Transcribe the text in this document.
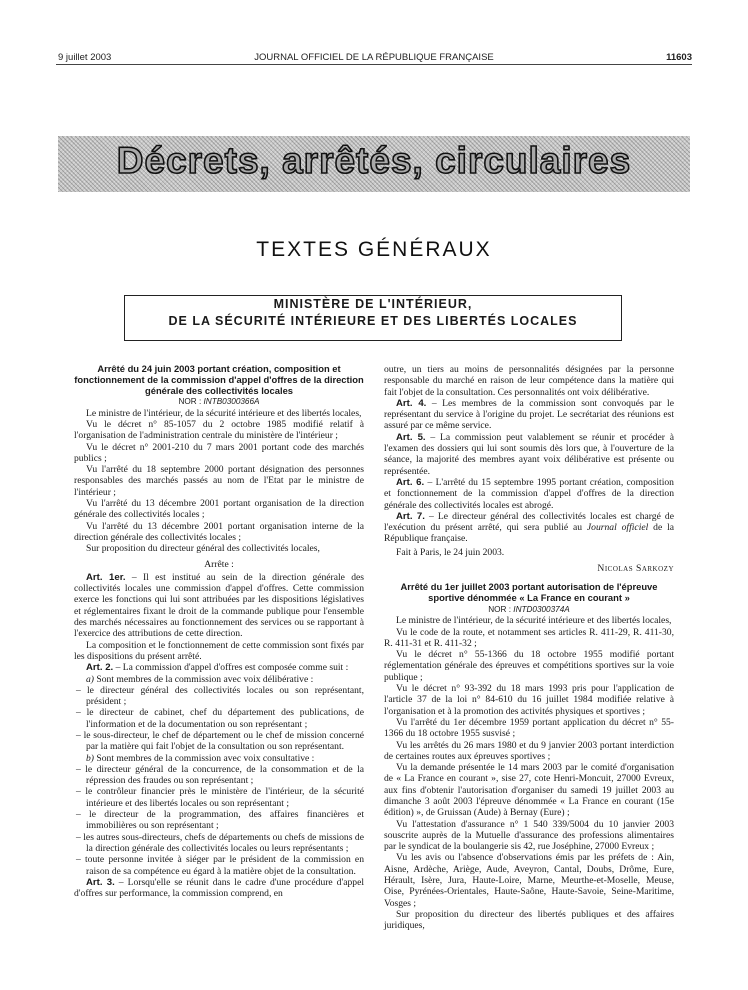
9 juillet 2003	JOURNAL OFFICIEL DE LA RÉPUBLIQUE FRANÇAISE	11603
Décrets, arrêtés, circulaires
TEXTES GÉNÉRAUX
MINISTÈRE DE L'INTÉRIEUR,
DE LA SÉCURITÉ INTÉRIEURE ET DES LIBERTÉS LOCALES

Arrêté du 24 juin 2003 portant création, composition et fonctionnement de la commission d'appel d'offres de la direction générale des collectivités locales

NOR : INTB0300366A

Le ministre de l'intérieur, de la sécurité intérieure et des libertés locales,

Vu le décret n° 85-1057 du 2 octobre 1985 modifié relatif à l'organisation de l'administration centrale du ministère de l'intérieur ;

Vu le décret n° 2001-210 du 7 mars 2001 portant code des marchés publics ;

Vu l'arrêté du 18 septembre 2000 portant désignation des personnes responsables des marchés passés au nom de l'Etat par le ministre de l'intérieur ;

Vu l'arrêté du 13 décembre 2001 portant organisation de la direction générale des collectivités locales ;

Vu l'arrêté du 13 décembre 2001 portant organisation interne de la direction générale des collectivités locales ;

Sur proposition du directeur général des collectivités locales,

Arrête :

Art. 1er. – Il est institué au sein de la direction générale des collectivités locales une commission d'appel d'offres. Cette commission exerce les fonctions qui lui sont attribuées par les dispositions législatives et réglementaires fixant le droit de la commande publique pour l'ensemble des marchés nécessaires au fonctionnement des services ou se rapportant à l'exercice des attributions de cette direction.

La composition et le fonctionnement de cette commission sont fixés par les dispositions du présent arrêté.

Art. 2. – La commission d'appel d'offres est composée comme suit :

a) Sont membres de la commission avec voix délibérative :

– le directeur général des collectivités locales ou son représentant, président ;

– le directeur de cabinet, chef du département des publications, de l'information et de la documentation ou son représentant ;

– le sous-directeur, le chef de département ou le chef de mission concerné par la matière qui fait l'objet de la consultation ou son représentant.

b) Sont membres de la commission avec voix consultative :

– le directeur général de la concurrence, de la consommation et de la répression des fraudes ou son représentant ;

– le contrôleur financier près le ministère de l'intérieur, de la sécurité intérieure et des libertés locales ou son représentant ;

– le directeur de la programmation, des affaires financières et immobilières ou son représentant ;

– les autres sous-directeurs, chefs de départements ou chefs de missions de la direction générale des collectivités locales ou leurs représentants ;

– toute personne invitée à siéger par le président de la commission en raison de sa compétence eu égard à la matière objet de la consultation.

Art. 3. – Lorsqu'elle se réunit dans le cadre d'une procédure d'appel d'offres sur performance, la commission comprend, en

outre, un tiers au moins de personnalités désignées par la personne responsable du marché en raison de leur compétence dans la matière qui fait l'objet de la consultation. Ces personnalités ont voix délibérative.

Art. 4. – Les membres de la commission sont convoqués par le représentant du service à l'origine du projet. Le secrétariat des réunions est assuré par ce même service.

Art. 5. – La commission peut valablement se réunir et procéder à l'examen des dossiers qui lui sont soumis dès lors que, à l'ouverture de la séance, la majorité des membres ayant voix délibérative est présente ou représentée.

Art. 6. – L'arrêté du 15 septembre 1995 portant création, composition et fonctionnement de la commission d'appel d'offres de la direction générale des collectivités locales est abrogé.

Art. 7. – Le directeur général des collectivités locales est chargé de l'exécution du présent arrêté, qui sera publié au Journal officiel de la République française.

Fait à Paris, le 24 juin 2003.

Nicolas Sarkozy

Arrêté du 1er juillet 2003 portant autorisation de l'épreuve sportive dénommée « La France en courant »

NOR : INTD0300374A

Le ministre de l'intérieur, de la sécurité intérieure et des libertés locales,

Vu le code de la route, et notamment ses articles R. 411-29, R. 411-30, R. 411-31 et R. 411-32 ;

Vu le décret n° 55-1366 du 18 octobre 1955 modifié portant réglementation générale des épreuves et compétitions sportives sur la voie publique ;

Vu le décret n° 93-392 du 18 mars 1993 pris pour l'application de l'article 37 de la loi n° 84-610 du 16 juillet 1984 modifiée relative à l'organisation et à la promotion des activités physiques et sportives ;

Vu l'arrêté du 1er décembre 1959 portant application du décret n° 55-1366 du 18 octobre 1955 susvisé ;

Vu les arrêtés du 26 mars 1980 et du 9 janvier 2003 portant interdiction de certaines routes aux épreuves sportives ;

Vu la demande présentée le 14 mars 2003 par le comité d'organisation de « La France en courant », sise 27, cote Henri-Moncuit, 27000 Evreux, aux fins d'obtenir l'autorisation d'organiser du samedi 19 juillet 2003 au dimanche 3 août 2003 l'épreuve dénommée « La France en courant (15e édition) », de Gruissan (Aude) à Bernay (Eure) ;

Vu l'attestation d'assurance n° 1 540 339/5004 du 10 janvier 2003 souscrite auprès de la Mutuelle d'assurance des professions alimentaires par le syndicat de la boulangerie sis 42, rue Joséphine, 27000 Evreux ;

Vu les avis ou l'absence d'observations émis par les préfets de : Ain, Aisne, Ardèche, Ariège, Aude, Aveyron, Cantal, Doubs, Drôme, Eure, Hérault, Isère, Jura, Haute-Loire, Marne, Meurthe-et-Moselle, Meuse, Oise, Pyrénées-Orientales, Haute-Saône, Haute-Savoie, Seine-Maritime, Vosges ;

Sur proposition du directeur des libertés publiques et des affaires juridiques,
